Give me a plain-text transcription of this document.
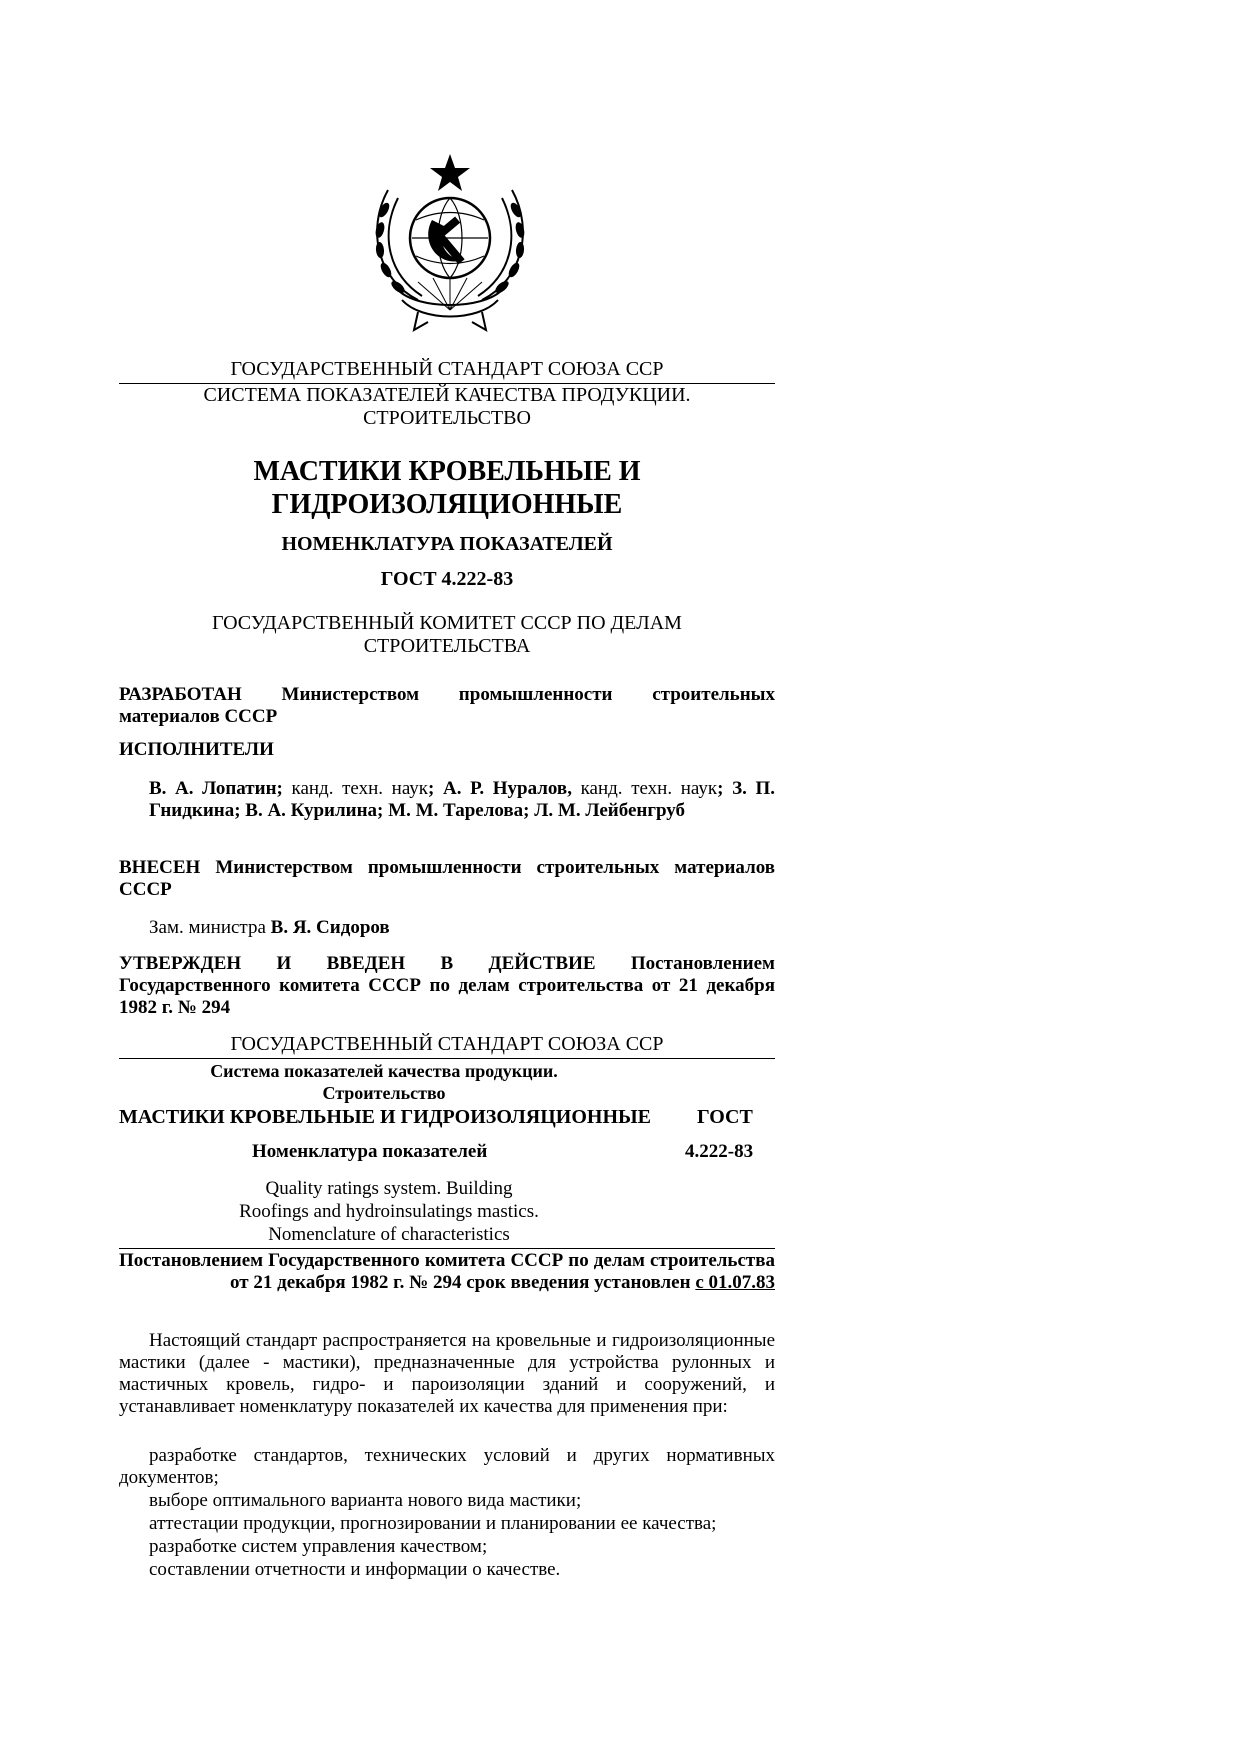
ГОСУДАРСТВЕННЫЙ СТАНДАРТ СОЮЗА ССР
СИСТЕМА ПОКАЗАТЕЛЕЙ КАЧЕСТВА ПРОДУКЦИИ.
СТРОИТЕЛЬСТВО
МАСТИКИ КРОВЕЛЬНЫЕ И
ГИДРОИЗОЛЯЦИОННЫЕ
НОМЕНКЛАТУРА ПОКАЗАТЕЛЕЙ
ГОСТ 4.222-83
ГОСУДАРСТВЕННЫЙ КОМИТЕТ СССР ПО ДЕЛАМ
СТРОИТЕЛЬСТВА
РАЗРАБОТАН Министерством промышленности строительных материалов СССР
ИСПОЛНИТЕЛИ
В. А. Лопатин; канд. техн. наук; А. Р. Нуралов, канд. техн. наук; З. П. Гнидкина; В. А. Курилина; М. М. Тарелова; Л. М. Лейбенгруб
ВНЕСЕН Министерством промышленности строительных материалов СССР
Зам. министра В. Я. Сидоров
УТВЕРЖДЕН И ВВЕДЕН В ДЕЙСТВИЕ Постановлением Государственного комитета СССР по делам строительства от 21 декабря 1982 г. № 294
ГОСУДАРСТВЕННЫЙ СТАНДАРТ СОЮЗА ССР
Система показателей качества продукции.
Строительство
МАСТИКИ КРОВЕЛЬНЫЕ И ГИДРОИЗОЛЯЦИОННЫЕ	ГОСТ
Номенклатура показателей	4.222-83
Quality ratings system. Building
Roofings and hydroinsulatings mastics.
Nomenclature of characteristics
Постановлением Государственного комитета СССР по делам строительства от 21 декабря 1982 г. № 294 срок введения установлен с 01.07.83
Настоящий стандарт распространяется на кровельные и гидроизоляционные мастики (далее - мастики), предназначенные для устройства рулонных и мастичных кровель, гидро- и пароизоляции зданий и сооружений, и устанавливает номенклатуру показателей их качества для применения при:
разработке стандартов, технических условий и других нормативных документов;
выборе оптимального варианта нового вида мастики;
аттестации продукции, прогнозировании и планировании ее качества;
разработке систем управления качеством;
составлении отчетности и информации о качестве.
